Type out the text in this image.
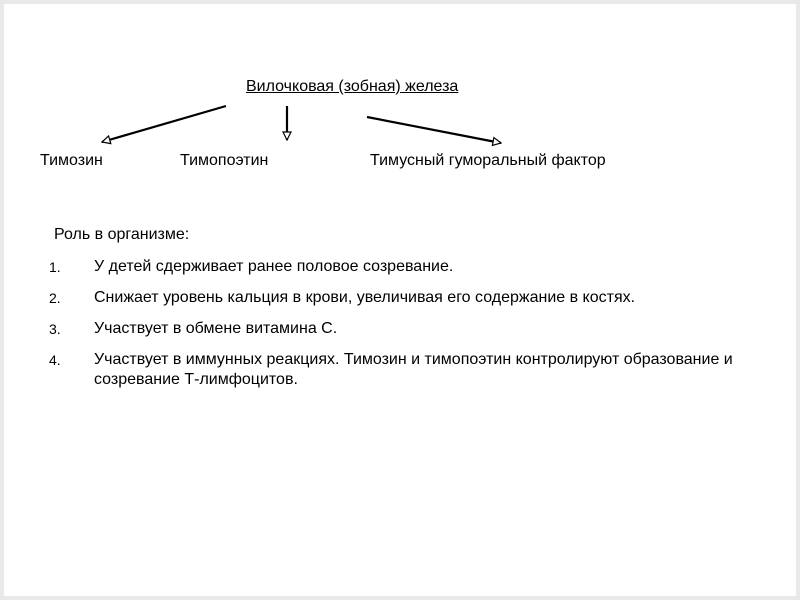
Вилочковая (зобная) железа
Тимозин	Тимопоэтин	Тимусный гуморальный фактор
Роль в организме:
1. У детей сдерживает ранее половое созревание.
2. Снижает уровень кальция в крови, увеличивая его содержание в костях.
3. Участвует в обмене витамина С.
4. Участвует в иммунных реакциях. Тимозин и тимопоэтин контролируют образование и созревание Т-лимфоцитов.
